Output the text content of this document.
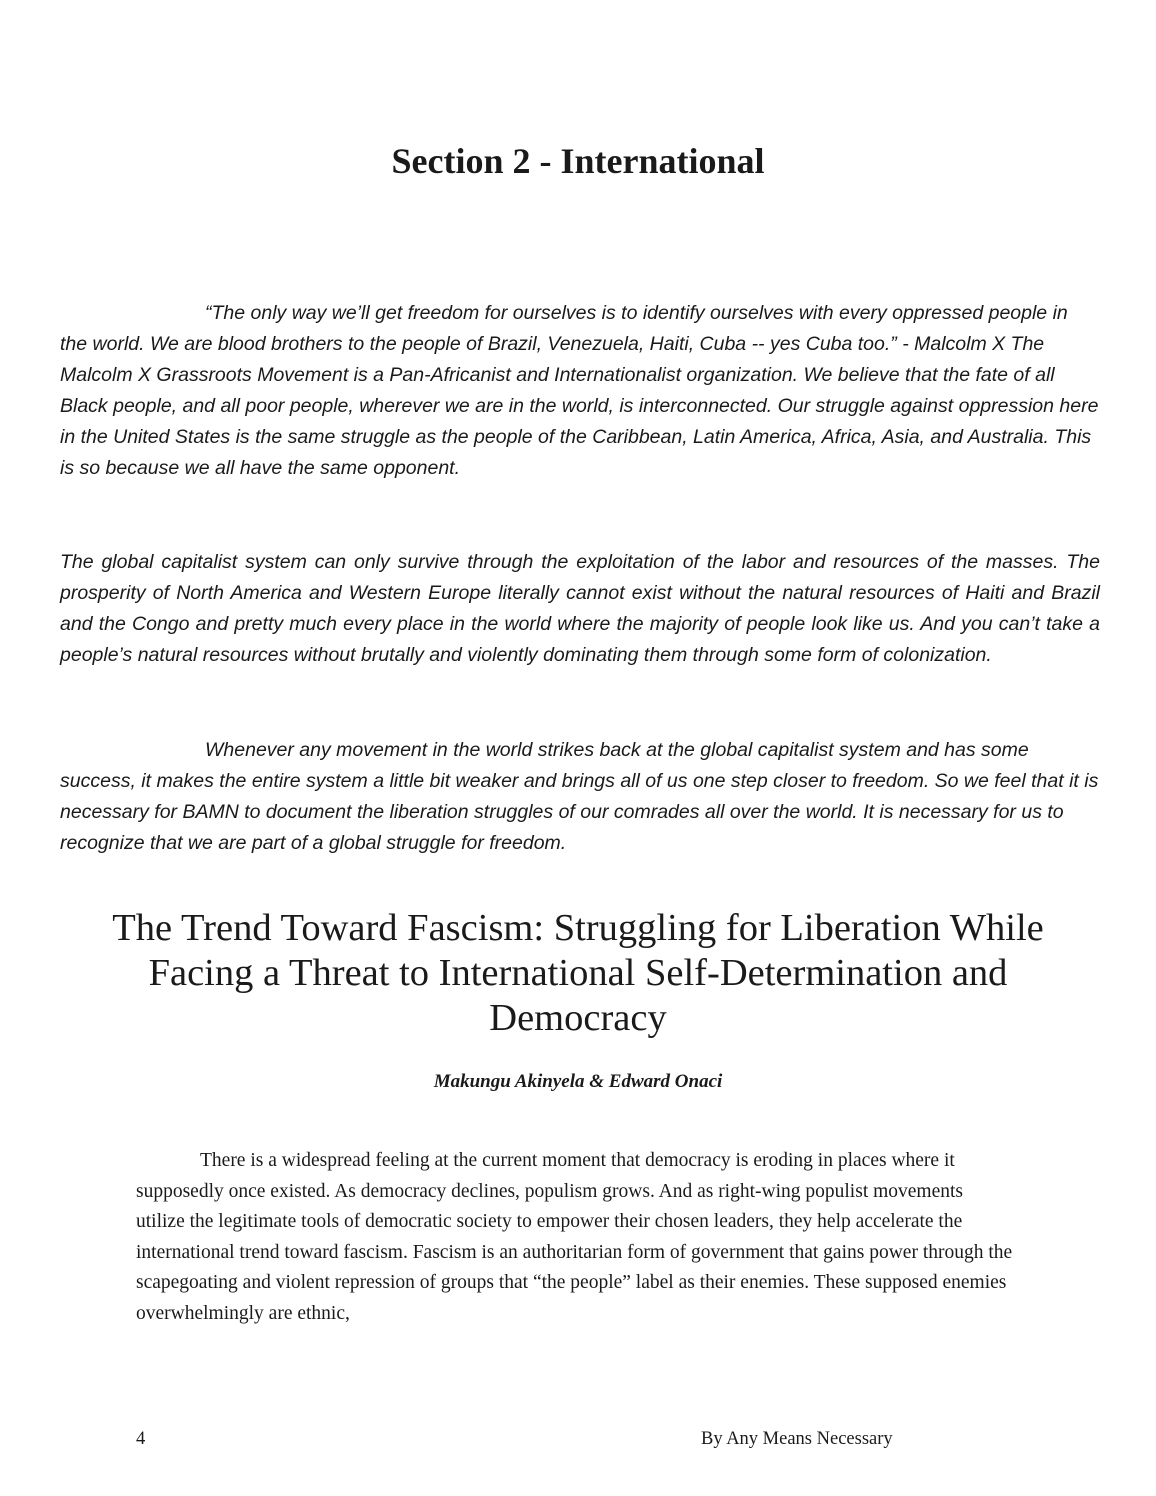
Section 2 - International

“The only way we’ll get freedom for ourselves is to identify ourselves with every oppressed people in the world. We are blood brothers to the people of Brazil, Venezuela, Haiti, Cuba -- yes Cuba too.” - Malcolm X The Malcolm X Grassroots Movement is a Pan-Africanist and Internationalist organization. We believe that the fate of all Black people, and all poor people, wherever we are in the world, is interconnected. Our struggle against oppression here in the United States is the same struggle as the people of the Caribbean, Latin America, Africa, Asia, and Australia. This is so because we all have the same opponent.

The global capitalist system can only survive through the exploitation of the labor and resources of the masses. The prosperity of North America and Western Europe literally cannot exist without the natural resources of Haiti and Brazil and the Congo and pretty much every place in the world where the majority of people look like us. And you can’t take a people’s natural resources without brutally and violently dominating them through some form of colonization.

Whenever any movement in the world strikes back at the global capitalist system and has some success, it makes the entire system a little bit weaker and brings all of us one step closer to freedom. So we feel that it is necessary for BAMN to document the liberation struggles of our comrades all over the world. It is necessary for us to recognize that we are part of a global struggle for freedom.

The Trend Toward Fascism: Struggling for Liberation While Facing a Threat to International Self-Determination and Democracy

Makungu Akinyela & Edward Onaci

There is a widespread feeling at the current moment that democracy is eroding in places where it supposedly once existed. As democracy declines, populism grows. And as right-wing populist movements utilize the legitimate tools of democratic society to empower their chosen leaders, they help accelerate the international trend toward fascism. Fascism is an authoritarian form of government that gains power through the scapegoating and violent repression of groups that “the people” label as their enemies. These supposed enemies overwhelmingly are ethnic,

4	By Any Means Necessary
